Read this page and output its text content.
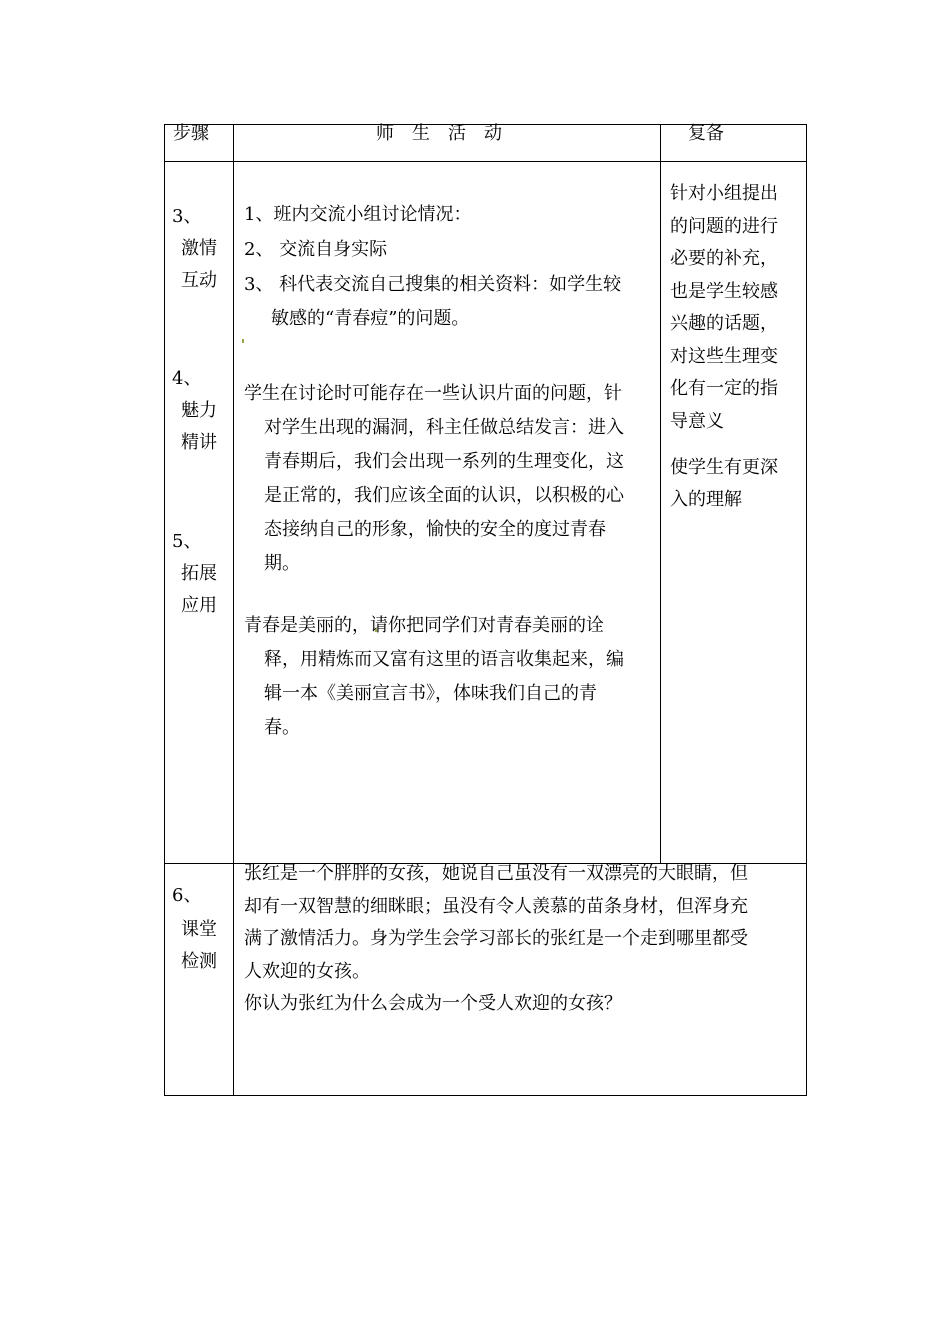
步骤	师　生　活　动	复备
3、
激情
互动
4、
魅力
精讲
5、
拓展
应用
6、
课堂
检测
1、班内交流小组讨论情况：
2、 交流自身实际
3、 科代表交流自己搜集的相关资料：如学生较
敏感的“青春痘”的问题。
学生在讨论时可能存在一些认识片面的问题，针
对学生出现的漏洞，科主任做总结发言：进入
青春期后，我们会出现一系列的生理变化，这
是正常的，我们应该全面的认识，以积极的心
态接纳自己的形象，愉快的安全的度过青春
期。
青春是美丽的，请你把同学们对青春美丽的诠
释，用精炼而又富有这里的语言收集起来，编
辑一本《美丽宣言书》，体味我们自己的青
春。
针对小组提出
的问题的进行
必要的补充，
也是学生较感
兴趣的话题，
对这些生理变
化有一定的指
导意义
使学生有更深
入的理解
张红是一个胖胖的女孩，她说自己虽没有一双漂亮的大眼睛，但
却有一双智慧的细眯眼；虽没有令人羡慕的苗条身材，但浑身充
满了激情活力。身为学生会学习部长的张红是一个走到哪里都受
人欢迎的女孩。
你认为张红为什么会成为一个受人欢迎的女孩？
